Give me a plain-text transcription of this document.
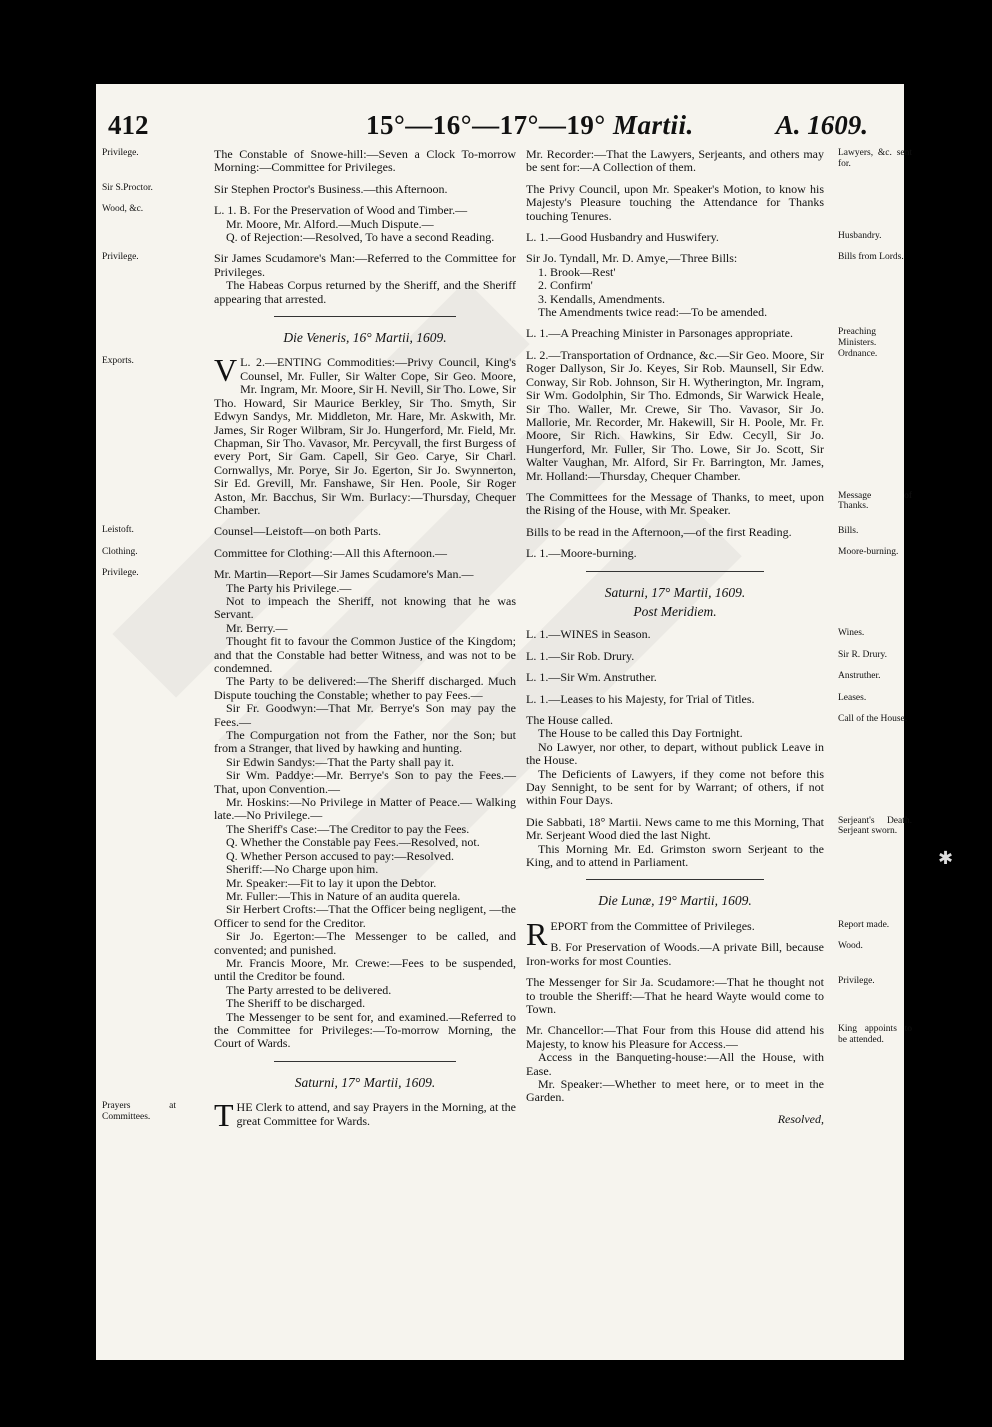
412	15°—16°—17°—19° Martii.	A. 1609.
Privilege.	The Constable of Snowe-hill:—Seven a Clock To-morrow Morning:—Committee for Privileges.

Sir S.Proctor.	Sir Stephen Proctor's Business.—this Afternoon.

Wood, &c.	L. 1. B. For the Preservation of Wood and Timber.—

Mr. Moore, Mr. Alford.—Much Dispute.—

Q. of Rejection:—Resolved, To have a second Reading.

Privilege.	Sir James Scudamore's Man:—Referred to the Committee for Privileges.

The Habeas Corpus returned by the Sheriff, and the Sheriff appearing that arrested.

Die Veneris, 16° Martii, 1609.
Exports.	V L. 2.—ENTING Commodities:—Privy Council, King's Counsel, Mr. Fuller, Sir Walter Cope, Sir Geo. Moore, Mr. Ingram, Mr. Moore, Sir H. Nevill, Sir Tho. Lowe, Sir Tho. Howard, Sir Maurice Berkley, Sir Tho. Smyth, Sir Edwyn Sandys, Mr. Middleton, Mr. Hare, Mr. Askwith, Mr. James, Sir Roger Wilbram, Sir Jo. Hungerford, Mr. Field, Mr. Chapman, Sir Tho. Vavasor, Mr. Percyvall, the first Burgess of every Port, Sir Gam. Capell, Sir Geo. Carye, Sir Charl. Cornwallys, Mr. Porye, Sir Jo. Egerton, Sir Jo. Swynnerton, Sir Ed. Grevill, Mr. Fanshawe, Sir Hen. Poole, Sir Roger Aston, Mr. Bacchus, Sir Wm. Burlacy:—Thursday, Chequer Chamber.

Leistoft.	Counsel—Leistoft—on both Parts.

Clothing.	Committee for Clothing:—All this Afternoon.—

Privilege.	Mr. Martin—Report—Sir James Scudamore's Man.—

The Party his Privilege.—

Not to impeach the Sheriff, not knowing that he was Servant.

Mr. Berry.—

Thought fit to favour the Common Justice of the Kingdom; and that the Constable had better Witness, and was not to be condemned.

The Party to be delivered:—The Sheriff discharged. Much Dispute touching the Constable; whether to pay Fees.—

Sir Fr. Goodwyn:—That Mr. Berrye's Son may pay the Fees.—

The Compurgation not from the Father, nor the Son; but from a Stranger, that lived by hawking and hunting.

Sir Edwin Sandys:—That the Party shall pay it.

Sir Wm. Paddye:—Mr. Berrye's Son to pay the Fees.—That, upon Convention.—

Mr. Hoskins:—No Privilege in Matter of Peace.— Walking late.—No Privilege.—

The Sheriff's Case:—The Creditor to pay the Fees.

Q. Whether the Constable pay Fees.—Resolved, not.

Q. Whether Person accused to pay:—Resolved.

Sheriff:—No Charge upon him.

Mr. Speaker:—Fit to lay it upon the Debtor.

Mr. Fuller:—This in Nature of an audita querela.

Sir Herbert Crofts:—That the Officer being negligent, —the Officer to send for the Creditor.

Sir Jo. Egerton:—The Messenger to be called, and convented; and punished.

Mr. Francis Moore, Mr. Crewe:—Fees to be suspended, until the Creditor be found.

The Party arrested to be delivered.

The Sheriff to be discharged.

The Messenger to be sent for, and examined.—Referred to the Committee for Privileges:—To-morrow Morning, the Court of Wards.

Saturni, 17° Martii, 1609.
Prayers at Committees.	THE Clerk to attend, and say Prayers in the Morning, at the great Committee for Wards.

Lawyers, &c. sent for.

Mr. Recorder:—That the Lawyers, Serjeants, and others may be sent for:—A Collection of them.

The Privy Council, upon Mr. Speaker's Motion, to know his Majesty's Pleasure touching the Attendance for Thanks touching Tenures.

Husbandry.

L. 1.—Good Husbandry and Huswifery.

Bills from Lords.

Sir Jo. Tyndall, Mr. D. Amye,—Three Bills:

1. Brook—Rest'

2. Confirm'

3. Kendalls, Amendments.

The Amendments twice read:—To be amended.

Preaching Ministers.

L. 1.—A Preaching Minister in Parsonages appropriate.

Ordnance.

L. 2.—Transportation of Ordnance, &c.—Sir Geo. Moore, Sir Roger Dallyson, Sir Jo. Keyes, Sir Rob. Maunsell, Sir Edw. Conway, Sir Rob. Johnson, Sir H. Wytherington, Mr. Ingram, Sir Wm. Godolphin, Sir Tho. Edmonds, Sir Warwick Heale, Sir Tho. Waller, Mr. Crewe, Sir Tho. Vavasor, Sir Jo. Mallorie, Mr. Recorder, Mr. Hakewill, Sir H. Poole, Mr. Fr. Moore, Sir Rich. Hawkins, Sir Edw. Cecyll, Sir Jo. Hungerford, Mr. Fuller, Sir Tho. Lowe, Sir Jo. Scott, Sir Walter Vaughan, Mr. Alford, Sir Fr. Barrington, Mr. James, Mr. Holland:—Thursday, Chequer Chamber.

Message of Thanks.

The Committees for the Message of Thanks, to meet, upon the Rising of the House, with Mr. Speaker.

Bills.

Bills to be read in the Afternoon,—of the first Reading.

Moore-burning.

L. 1.—Moore-burning.

Saturni, 17° Martii, 1609.
Post Meridiem.
Wines.

L. 1.—WINES in Season.

Sir R. Drury.

L. 1.—Sir Rob. Drury.

Anstruther.

L. 1.—Sir Wm. Anstruther.

Leases.

L. 1.—Leases to his Majesty, for Trial of Titles.

Call of the House.

The House called.

The House to be called this Day Fortnight.

No Lawyer, nor other, to depart, without publick Leave in the House.

The Deficients of Lawyers, if they come not before this Day Sennight, to be sent for by Warrant; of others, if not within Four Days.

Serjeant's Death. Serjeant sworn.

Die Sabbati, 18° Martii. News came to me this Morning, That Mr. Serjeant Wood died the last Night.

This Morning Mr. Ed. Grimston sworn Serjeant to the King, and to attend in Parliament.

Die Lunæ, 19° Martii, 1609.
Report made.

REPORT from the Committee of Privileges.

Wood.

B. For Preservation of Woods.—A private Bill, because Iron-works for most Counties.

Privilege.

The Messenger for Sir Ja. Scudamore:—That he thought not to trouble the Sheriff:—That he heard Wayte would come to Town.

King appoints to be attended.

Mr. Chancellor:—That Four from this House did attend his Majesty, to know his Pleasure for Access.—

Access in the Banqueting-house:—All the House, with Ease.

Mr. Speaker:—Whether to meet here, or to meet in the Garden.

Resolved,
✱
